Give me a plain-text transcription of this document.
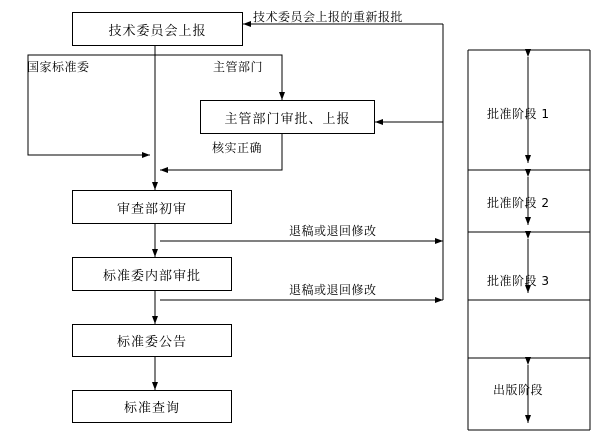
技术委员会上报
主管部门审批、上报
审查部初审
标准委内部审批
标准委公告
标准查询
技术委员会上报的重新报批
国家标准委	主管部门
核实正确
退稿或退回修改
退稿或退回修改
批准阶段 1
批准阶段 2
批准阶段 3
出版阶段
